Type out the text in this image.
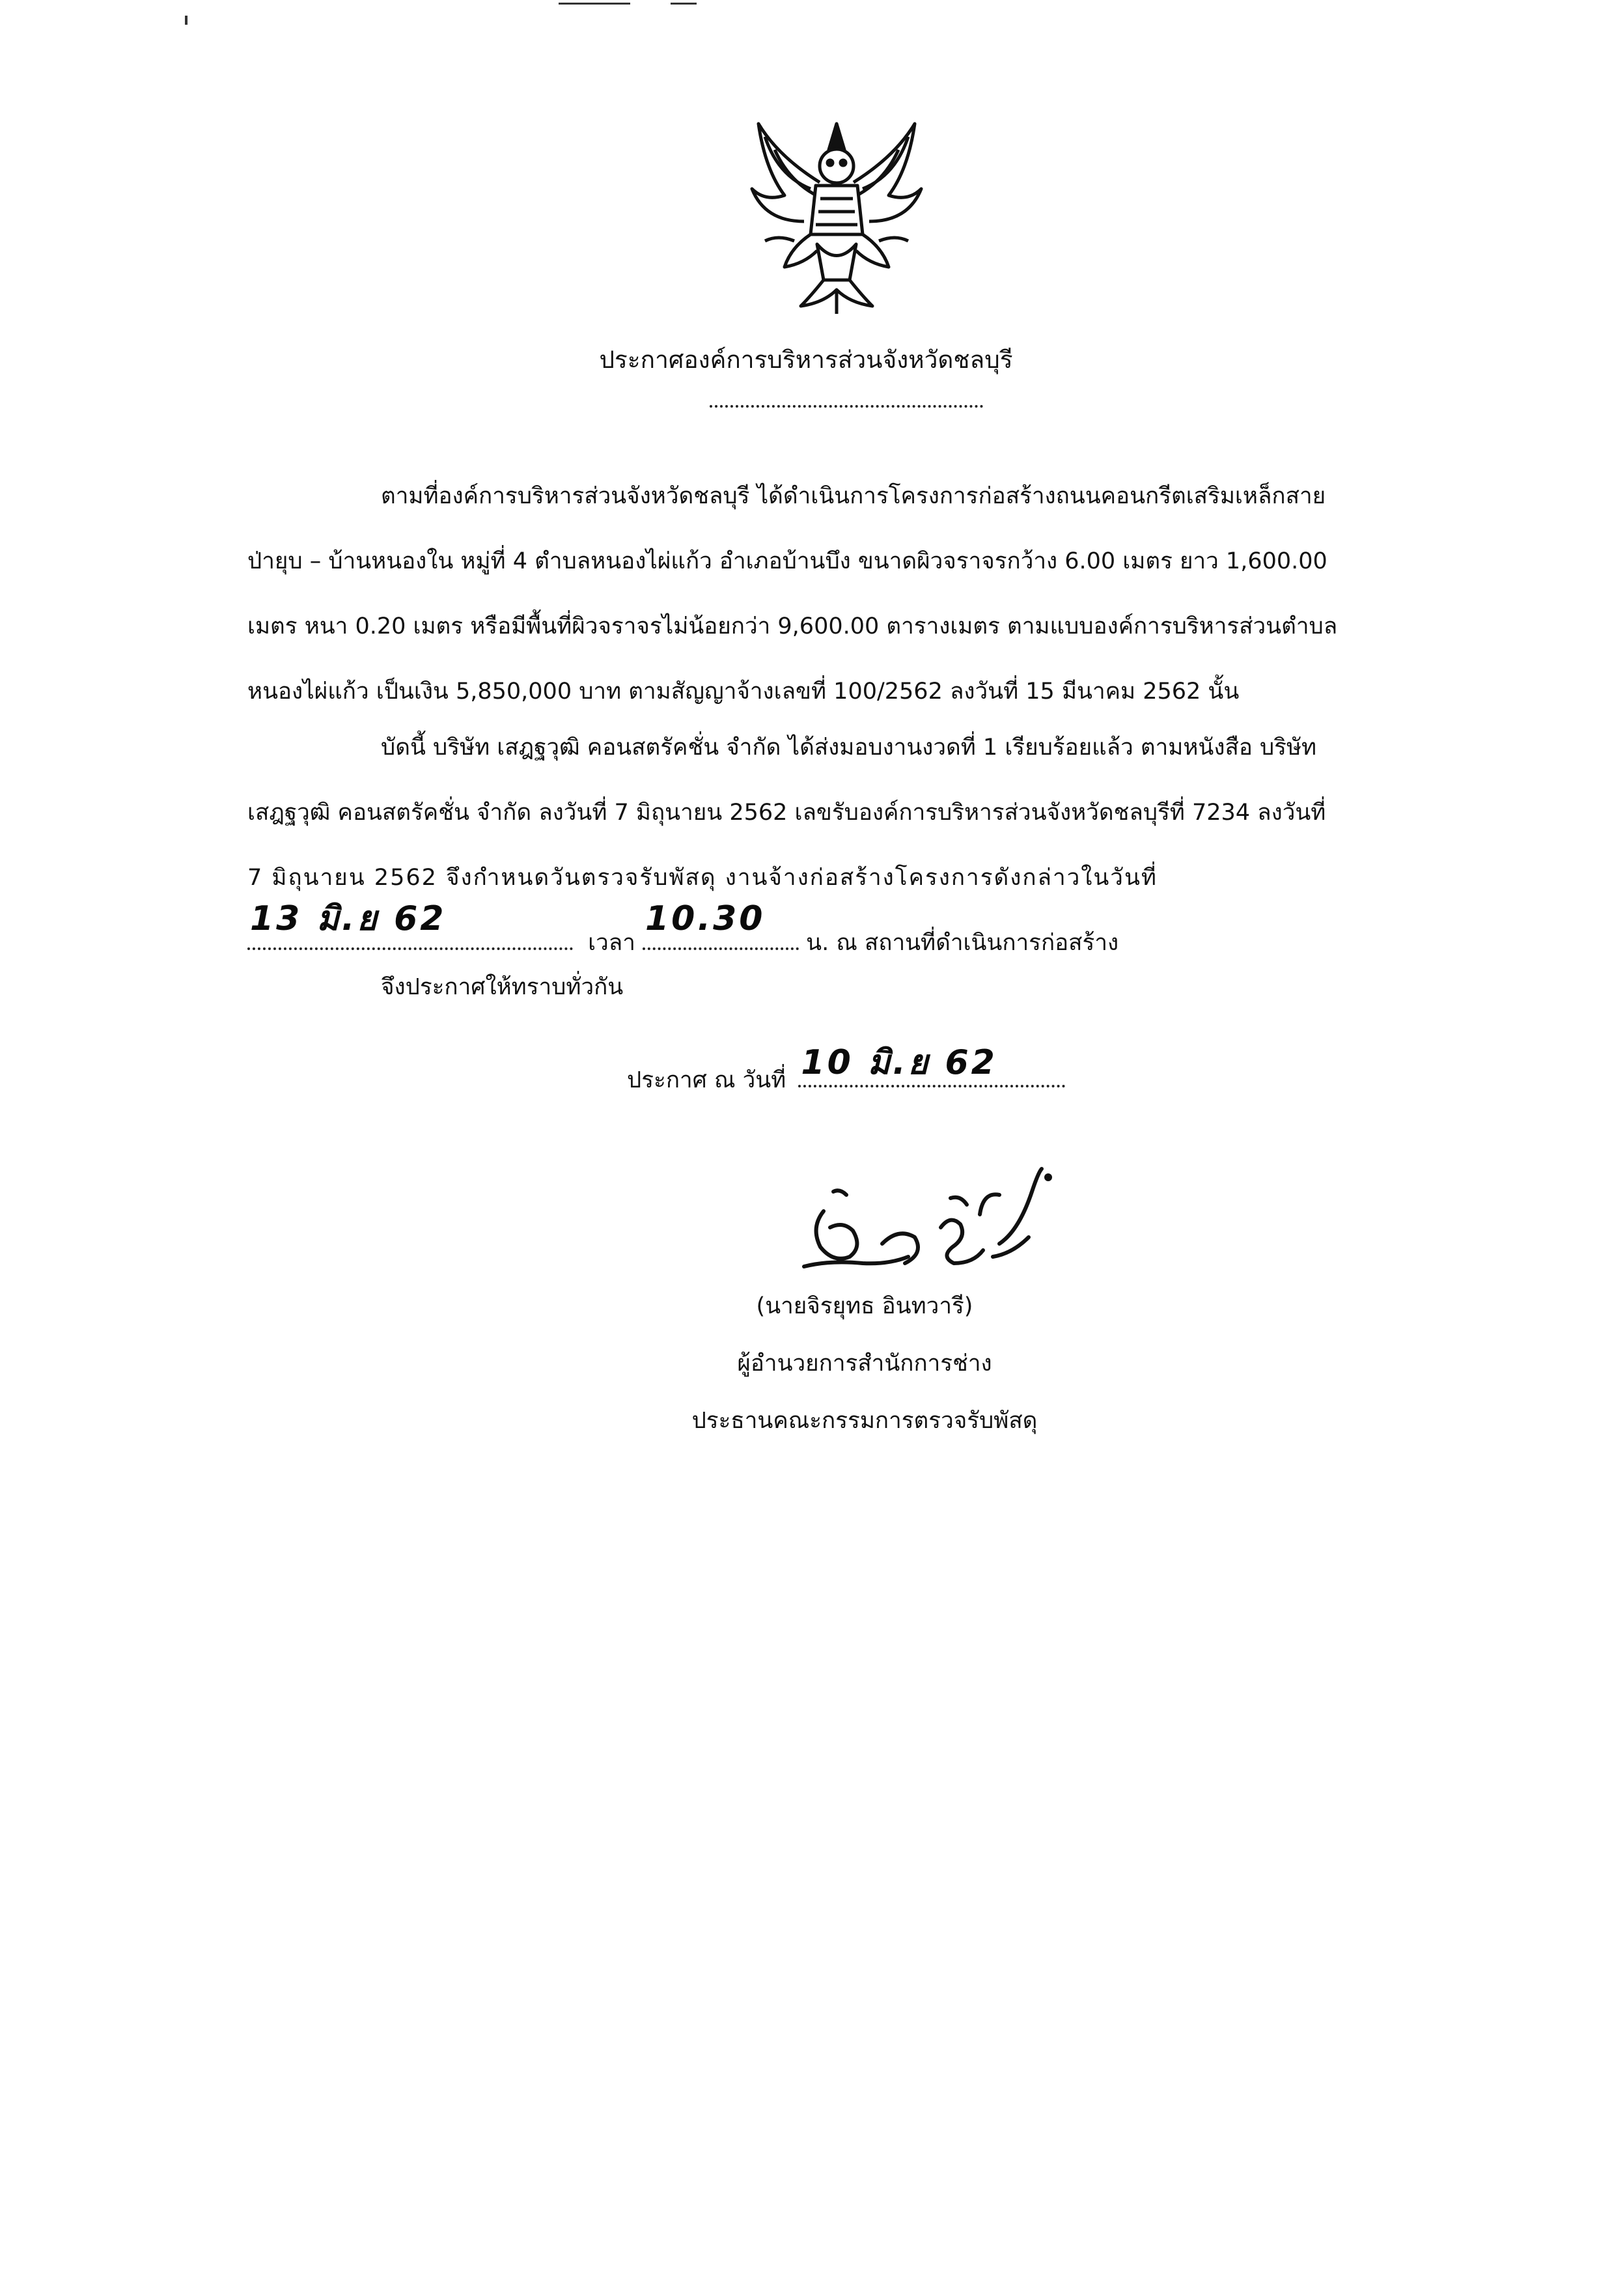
ประกาศองค์การบริหารส่วนจังหวัดชลบุรี
ตามที่องค์การบริหารส่วนจังหวัดชลบุรี ได้ดำเนินการโครงการก่อสร้างถนนคอนกรีตเสริมเหล็กสาย
ป่ายุบ – บ้านหนองใน หมู่ที่ 4 ตำบลหนองไผ่แก้ว อำเภอบ้านบึง ขนาดผิวจราจรกว้าง 6.00 เมตร ยาว 1,600.00
เมตร หนา 0.20 เมตร หรือมีพื้นที่ผิวจราจรไม่น้อยกว่า 9,600.00 ตารางเมตร ตามแบบองค์การบริหารส่วนตำบล
หนองไผ่แก้ว เป็นเงิน 5,850,000 บาท ตามสัญญาจ้างเลขที่ 100/2562 ลงวันที่ 15 มีนาคม 2562 นั้น
บัดนี้ บริษัท เสฎฐวุฒิ คอนสตรัคชั่น จำกัด ได้ส่งมอบงานงวดที่ 1 เรียบร้อยแล้ว ตามหนังสือ บริษัท
เสฎฐวุฒิ คอนสตรัคชั่น จำกัด ลงวันที่ 7 มิถุนายน 2562 เลขรับองค์การบริหารส่วนจังหวัดชลบุรีที่ 7234 ลงวันที่
7 มิถุนายน 2562 จึงกำหนดวันตรวจรับพัสดุ งานจ้างก่อสร้างโครงการดังกล่าวในวันที่
13 มิ.ย 62
เวลา
10.30
น. ณ สถานที่ดำเนินการก่อสร้าง
จึงประกาศให้ทราบทั่วกัน
ประกาศ ณ วันที่ 10 มิ.ย 62
(นายจิรยุทธ อินทวารี)
ผู้อำนวยการสำนักการช่าง
ประธานคณะกรรมการตรวจรับพัสดุ
